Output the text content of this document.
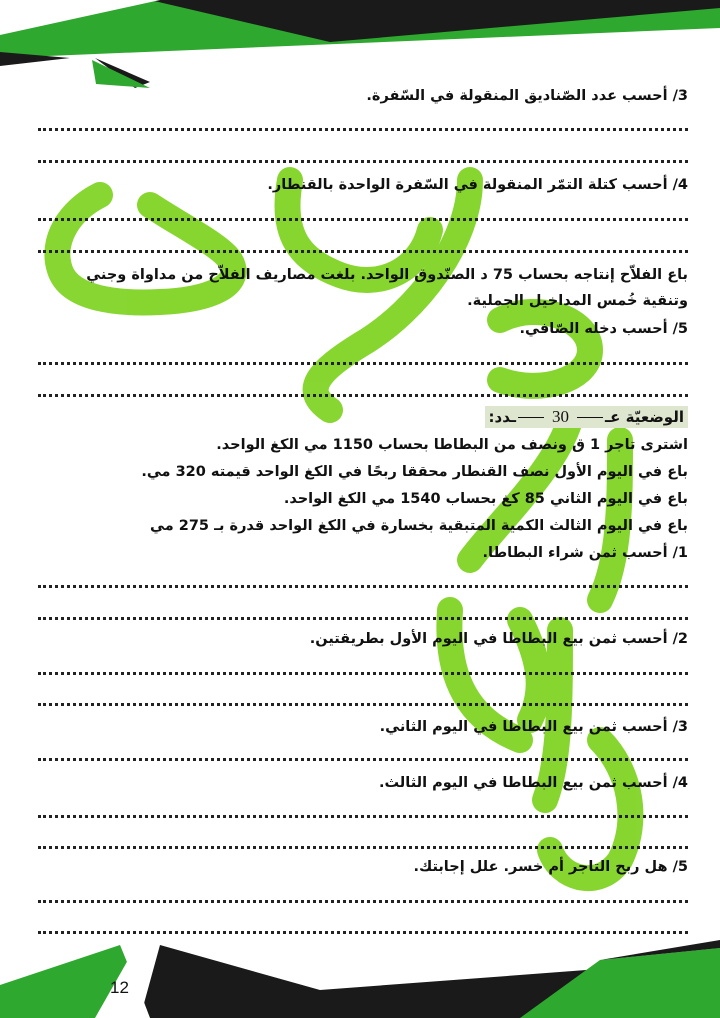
3/ أحسب عدد الصّناديق المنقولة في السّفرة.
4/ أحسب كتلة التمّر المنقولة في السّفرة الواحدة بالقنطار.
باع الفلاّح إنتاجه بحساب 75 د الصنّدوق الواحد. بلغت مصاريف الفلاّح من مداواة وجني
وتنقية خُمس المداخيل الجملية.
5/ أحسب دخله الصّافي.
الوضعيّة عـ30ـدد:
اشترى تاجر 1 ق ونصف من البطاطا بحساب 1150 مي الكغ الواحد.
باع في اليوم الأول نصف القنطار محققا ربحًا في الكغ الواحد قيمته 320 مي.
باع في اليوم الثاني 85 كغ بحساب 1540 مي الكغ الواحد.
باع في اليوم الثالث الكمية المتبقية بخسارة في الكغ الواحد قدرة بـ 275 مي
1/ أحسب ثمن شراء البطاطا.
2/ أحسب ثمن بيع البطاطا في اليوم الأول بطريقتين.
3/ أحسب ثمن بيع البطاطا في اليوم الثاني.
4/ أحسب ثمن بيع البطاطا في اليوم الثالث.
5/ هل ربح التاجر أم خسر. علل إجابتك.
12
